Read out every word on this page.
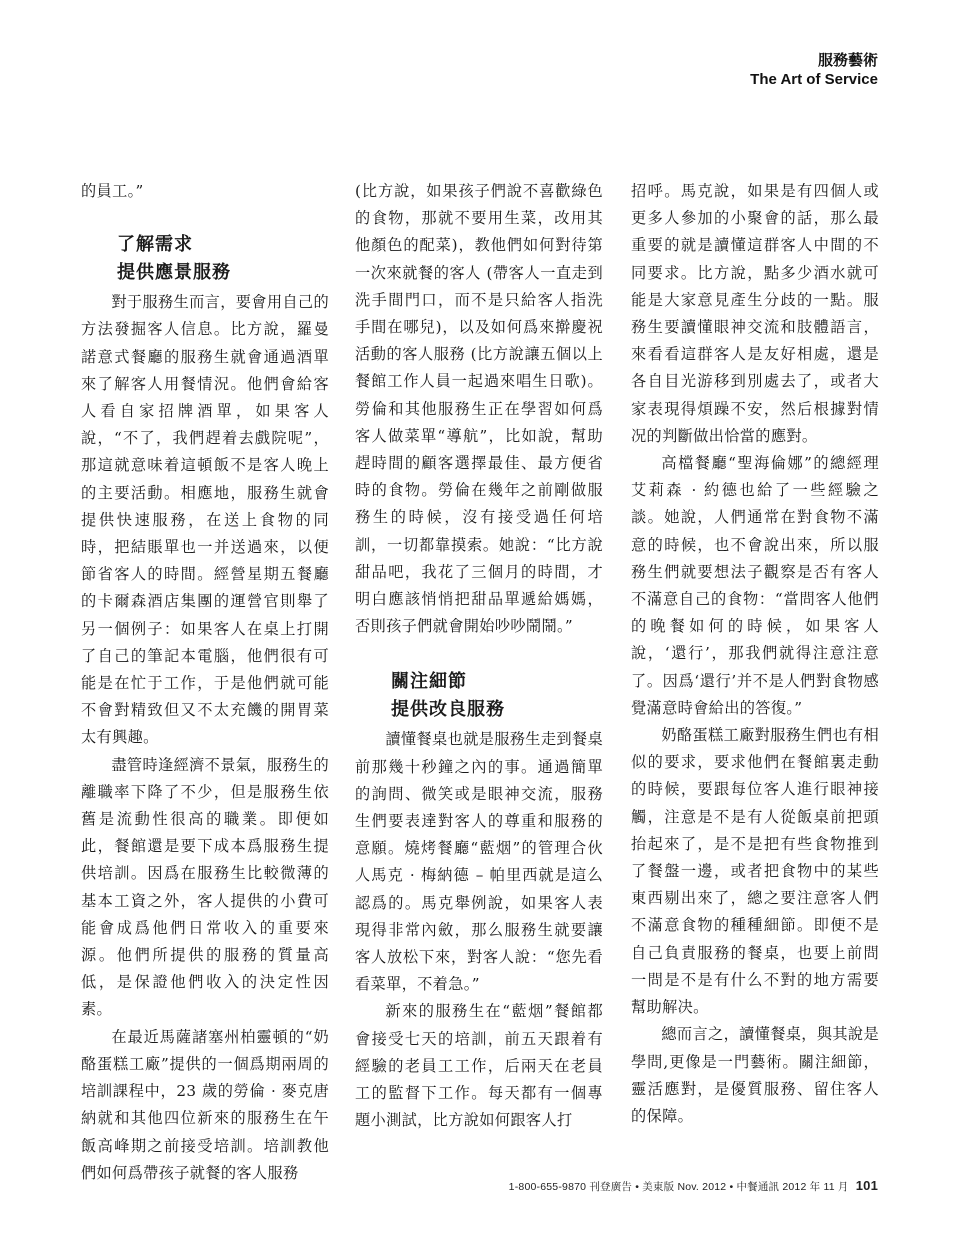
服務藝術
The Art of Service

的員工。”

了解需求
提供應景服務

對于服務生而言，要會用自己的方法發掘客人信息。比方說，羅曼諾意式餐廳的服務生就會通過酒單來了解客人用餐情況。他們會給客人看自家招牌酒單，如果客人說，“不了，我們趕着去戲院呢”，那這就意味着這頓飯不是客人晚上的主要活動。相應地，服務生就會提供快速服務，在送上食物的同時，把結賬單也一并送過來，以便節省客人的時間。經營星期五餐廳的卡爾森酒店集團的運營官則舉了另一個例子：如果客人在桌上打開了自己的筆記本電腦，他們很有可能是在忙于工作，于是他們就可能不會對精致但又不太充饑的開胃菜太有興趣。

盡管時逢經濟不景氣，服務生的離職率下降了不少，但是服務生依舊是流動性很高的職業。即便如此，餐館還是要下成本爲服務生提供培訓。因爲在服務生比較微薄的基本工資之外，客人提供的小費可能會成爲他們日常收入的重要來源。他們所提供的服務的質量高低，是保證他們收入的決定性因素。

在最近馬薩諸塞州柏靈頓的“奶酪蛋糕工廠”提供的一個爲期兩周的培訓課程中，23 歲的勞倫 · 麥克唐納就和其他四位新來的服務生在午飯高峰期之前接受培訓。培訓教他們如何爲帶孩子就餐的客人服務

(比方說，如果孩子們說不喜歡綠色的食物，那就不要用生菜，改用其他顏色的配菜)，教他們如何對待第一次來就餐的客人 (帶客人一直走到洗手間門口，而不是只給客人指洗手間在哪兒)，以及如何爲來擀慶祝活動的客人服務 (比方說讓五個以上餐館工作人員一起過來唱生日歌)。勞倫和其他服務生正在學習如何爲客人做菜單“導航”，比如說，幫助趕時間的顧客選擇最佳、最方便省時的食物。勞倫在幾年之前剛做服務生的時候，沒有接受過任何培訓，一切都靠摸索。她說：“比方說甜品吧，我花了三個月的時間，才明白應該悄悄把甜品單遞給媽媽，否則孩子們就會開始吵吵鬧鬧。”

關注細節
提供改良服務

讀懂餐桌也就是服務生走到餐桌前那幾十秒鐘之內的事。通過簡單的詢問、微笑或是眼神交流，服務生們要表達對客人的尊重和服務的意願。燒烤餐廳“藍烟”的管理合伙人馬克 · 梅納德 – 帕里西就是這么認爲的。馬克舉例說，如果客人表現得非常內斂，那么服務生就要讓客人放松下來，對客人說：“您先看看菜單，不着急。”

新來的服務生在“藍烟”餐館都會接受七天的培訓，前五天跟着有經驗的老員工工作，后兩天在老員工的監督下工作。每天都有一個專題小測試，比方說如何跟客人打

招呼。馬克說，如果是有四個人或更多人參加的小聚會的話，那么最重要的就是讀懂這群客人中間的不同要求。比方說，點多少酒水就可能是大家意見產生分歧的一點。服務生要讀懂眼神交流和肢體語言，來看看這群客人是友好相處，還是各自目光游移到別處去了，或者大家表現得煩躁不安，然后根據對情况的判斷做出恰當的應對。

高檔餐廳“聖海倫娜”的總經理艾莉森 · 約德也給了一些經驗之談。她說，人們通常在對食物不滿意的時候，也不會說出來，所以服務生們就要想法子觀察是否有客人不滿意自己的食物：“當問客人他們的晚餐如何的時候，如果客人說，‘還行’，那我們就得注意注意了。因爲‘還行’并不是人們對食物感覺滿意時會給出的答復。”

奶酪蛋糕工廠對服務生們也有相似的要求，要求他們在餐館裏走動的時候，要跟每位客人進行眼神接觸，注意是不是有人從飯桌前把頭抬起來了，是不是把有些食物推到了餐盤一邊，或者把食物中的某些東西剔出來了，總之要注意客人們不滿意食物的種種細節。即便不是自己負責服務的餐桌，也要上前問一問是不是有什么不對的地方需要幫助解决。

總而言之，讀懂餐桌，與其說是學問,更像是一門藝術。關注細節，靈活應對，是優質服務、留住客人的保障。

1-800-655-9870 刊登廣告 • 美東版 Nov. 2012 • 中餐通訊 2012 年 11 月 101
